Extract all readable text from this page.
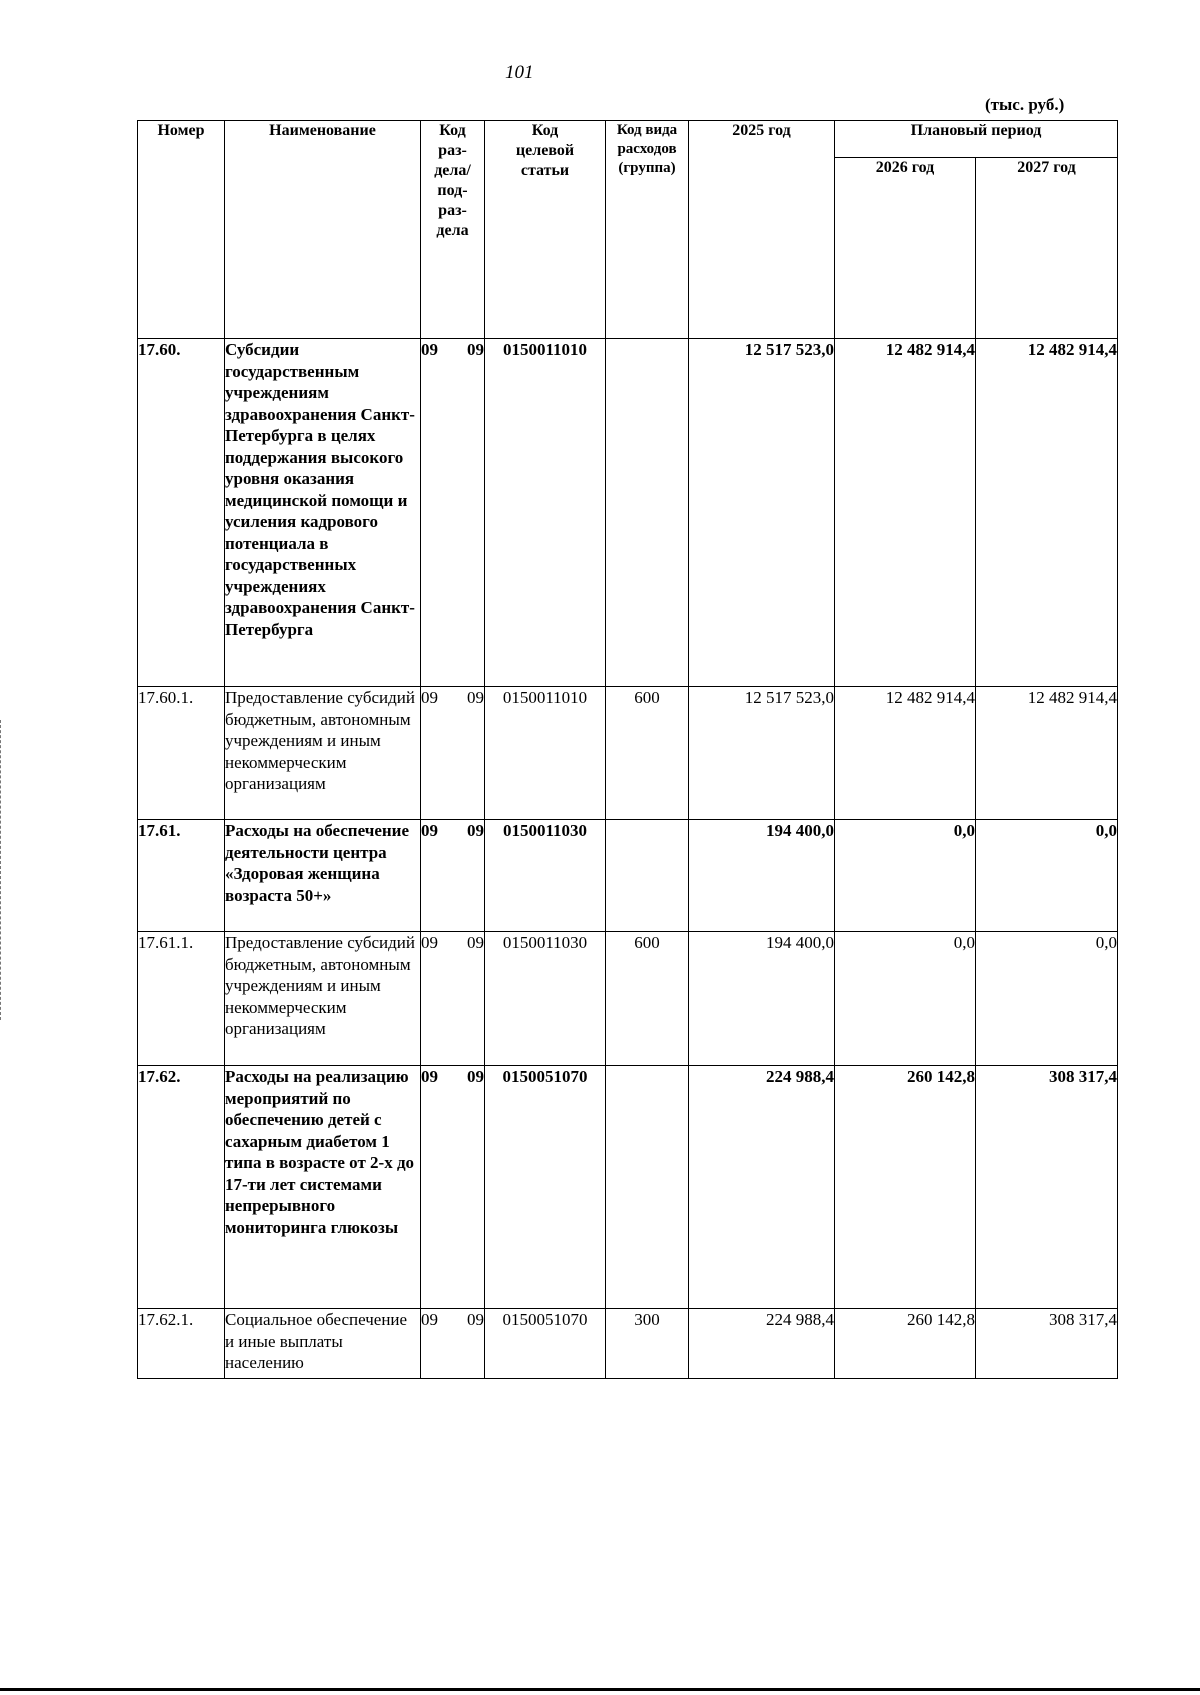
101
(тыс. руб.)
Номер	Наименование	Код раз-дела/ под-раз-дела	Код целевой статьи	Код вида расходов (группа)	2025 год	Плановый период	
						2026 год	2027 год
17.60.	Субсидии государственным учреждениям здравоохранения Санкт-Петербурга в целях поддержания высокого уровня оказания медицинской помощи и усиления кадрового потенциала в государственных учреждениях здравоохранения Санкт-Петербурга	09 09	0150011010		12 517 523,0	12 482 914,4	12 482 914,4
17.60.1.	Предоставление субсидий бюджетным, автономным учреждениям и иным некоммерческим организациям	09 09	0150011010	600	12 517 523,0	12 482 914,4	12 482 914,4
17.61.	Расходы на обеспечение деятельности центра «Здоровая женщина возраста 50+»	09 09	0150011030		194 400,0	0,0	0,0
17.61.1.	Предоставление субсидий бюджетным, автономным учреждениям и иным некоммерческим организациям	09 09	0150011030	600	194 400,0	0,0	0,0
17.62.	Расходы на реализацию мероприятий по обеспечению детей с сахарным диабетом 1 типа в возрасте от 2-х до 17-ти лет системами непрерывного мониторинга глюкозы	09 09	0150051070		224 988,4	260 142,8	308 317,4
17.62.1.	Социальное обеспечение и иные выплаты населению	09 09	0150051070	300	224 988,4	260 142,8	308 317,4
